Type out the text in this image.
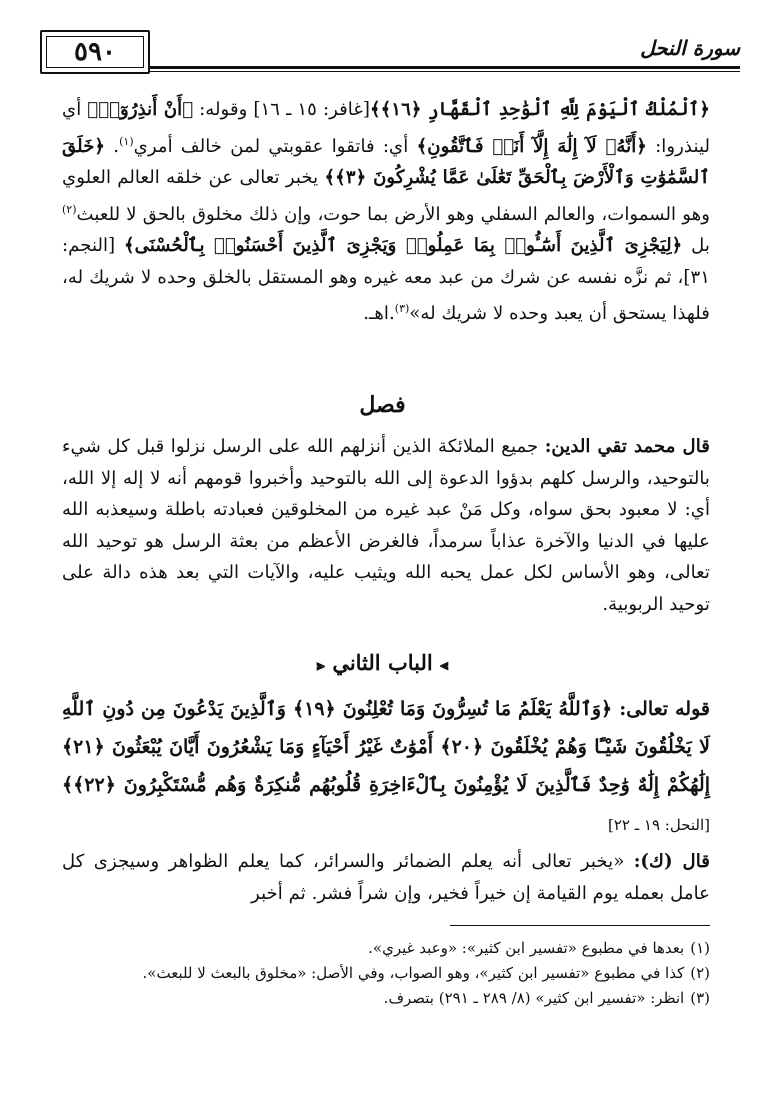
٥٩٠	سورة النحل
﴿ٱلْمُلْكُ ٱلْيَوْمَ لِلَّهِ ٱلْوَٰحِدِ ٱلْقَهَّارِ ﴿١٦﴾﴾[غافر: ١٥ ـ ١٦] وقوله: ﴿أَنْ أَنذِرُوٓا۟﴾ أي لينذروا: ﴿أَنَّهُۥ لَآ إِلَٰهَ إِلَّآ أَنَا۠ فَٱتَّقُونِ﴾ أي: فاتقوا عقوبتي لمن خالف أمري$^{(١)}$. ﴿خَلَقَ ٱلسَّمَٰوَٰتِ وَٱلْأَرْضَ بِٱلْحَقِّ تَعَٰلَىٰ عَمَّا يُشْرِكُونَ ﴿٣﴾﴾ يخبر تعالى عن خلقه العالم العلوي وهو السموات، والعالم السفلي وهو الأرض بما حوت، وإن ذلك مخلوق بالحق لا للعبث$^{(٢)}$ بل ﴿لِيَجْزِىَ ٱلَّذِينَ أَسَٰٓـُٔوا۟ بِمَا عَمِلُوا۟ وَيَجْزِىَ ٱلَّذِينَ أَحْسَنُوا۟ بِٱلْحُسْنَى﴾ [النجم: ٣١]، ثم نزَّه نفسه عن شرك من عبد معه غيره وهو المستقل بالخلق وحده لا شريك له، فلهذا يستحق أن يعبد وحده لا شريك له»$^{(٣)}$.اهـ.
فصل
قال محمد تقي الدين: جميع الملائكة الذين أنزلهم الله على الرسل نزلوا قبل كل شيء بالتوحيد، والرسل كلهم بدؤوا الدعوة إلى الله بالتوحيد وأخبروا قومهم أنه لا إله إلا الله، أي: لا معبود بحق سواه، وكل مَنْ عبد غيره من المخلوقين فعبادته باطلة وسيعذبه الله عليها في الدنيا والآخرة عذاباً سرمداً، فالغرض الأعظم من بعثة الرسل هو توحيد الله تعالى، وهو الأساس لكل عمل يحبه الله ويثيب عليه، والآيات التي بعد هذه دالة على توحيد الربوبية.
⫸ الباب الثاني ⫷
قوله تعالى: ﴿وَٱللَّهُ يَعْلَمُ مَا تُسِرُّونَ وَمَا تُعْلِنُونَ ﴿١٩﴾ وَٱلَّذِينَ يَدْعُونَ مِن دُونِ ٱللَّهِ لَا يَخْلُقُونَ شَيْـًٔا وَهُمْ يُخْلَقُونَ ﴿٢٠﴾ أَمْوَٰتٌ غَيْرُ أَحْيَآءٍ وَمَا يَشْعُرُونَ أَيَّانَ يُبْعَثُونَ ﴿٢١﴾ إِلَٰهُكُمْ إِلَٰهٌ وَٰحِدٌ فَٱلَّذِينَ لَا يُؤْمِنُونَ بِٱلْءَاخِرَةِ قُلُوبُهُم مُّنكِرَةٌ وَهُم مُّسْتَكْبِرُونَ ﴿٢٢﴾﴾ [النحل: ١٩ ـ ٢٢]
قال (ك): «يخبر تعالى أنه يعلم الضمائر والسرائر، كما يعلم الظواهر وسيجزى كل عامل بعمله يوم القيامة إن خيراً فخير، وإن شراً فشر. ثم أخبر
(١)
بعدها في مطبوع «تفسير ابن كثير»: «وعبد غيري».
(٢)
كذا في مطبوع «تفسير ابن كثير»، وهو الصواب، وفي الأصل: «مخلوق بالبعث لا للبعث».
(٣)
انظر: «تفسير ابن كثير» (٨/ ٢٨٩ ـ ٢٩١) بتصرف.
